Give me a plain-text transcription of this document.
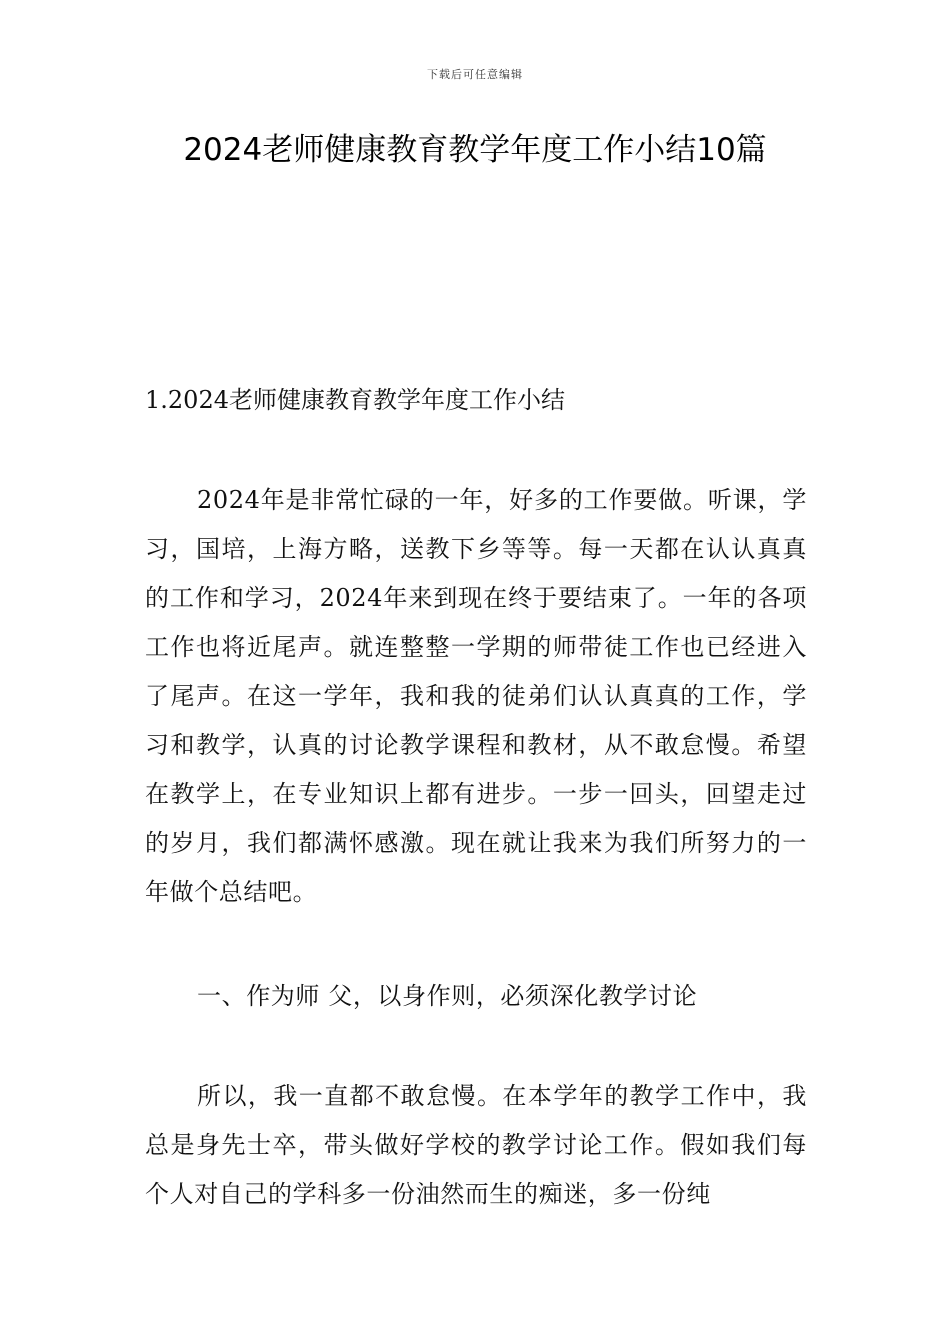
下载后可任意编辑
2024老师健康教育教学年度工作小结10篇
1.2024老师健康教育教学年度工作小结

2024年是非常忙碌的一年，好多的工作要做。听课，学习，国培，上海方略，送教下乡等等。每一天都在认认真真的工作和学习，2024年来到现在终于要结束了。一年的各项工作也将近尾声。就连整整一学期的师带徒工作也已经进入了尾声。在这一学年，我和我的徒弟们认认真真的工作，学习和教学，认真的讨论教学课程和教材，从不敢怠慢。希望在教学上，在专业知识上都有进步。一步一回头，回望走过的岁月，我们都满怀感激。现在就让我来为我们所努力的一年做个总结吧。

一、作为师 父，以身作则，必须深化教学讨论

所以，我一直都不敢怠慢。在本学年的教学工作中，我总是身先士卒，带头做好学校的教学讨论工作。假如我们每个人对自己的学科多一份油然而生的痴迷，多一份纯
